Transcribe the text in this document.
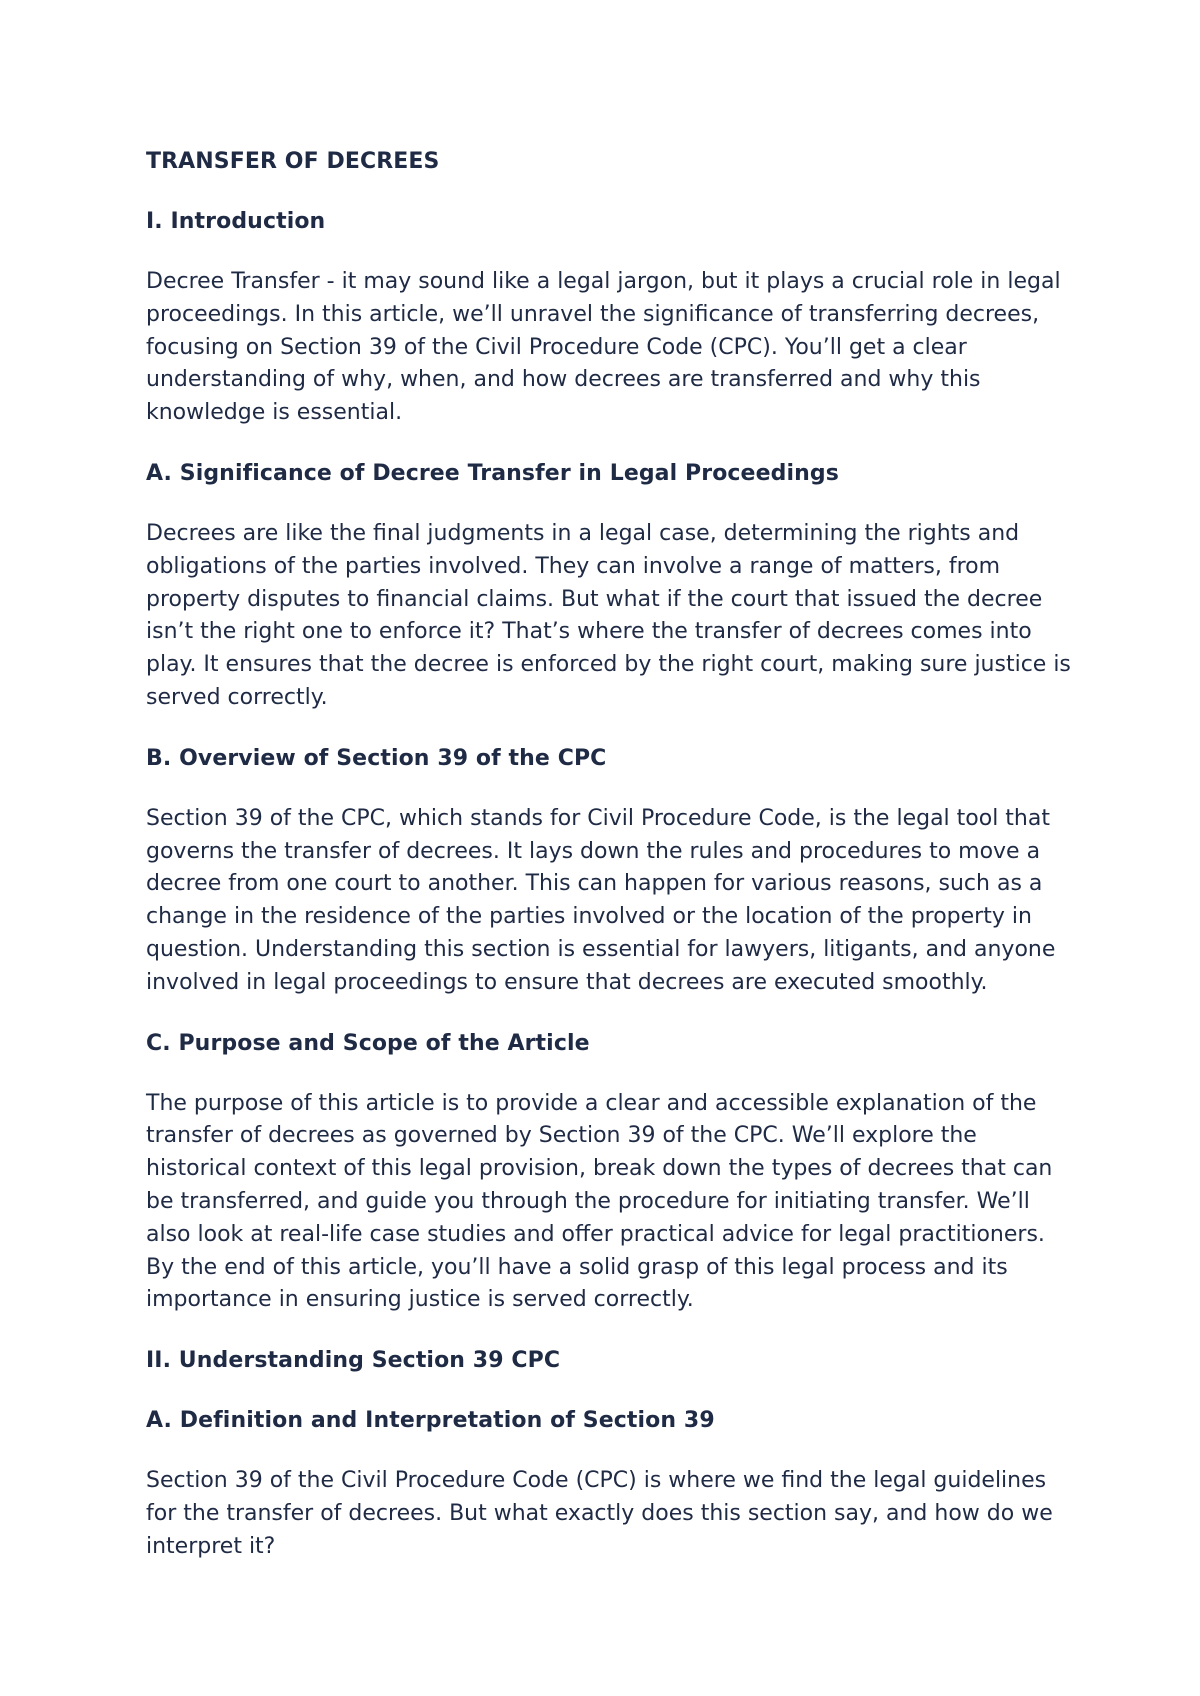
TRANSFER OF DECREES
I. Introduction

Decree Transfer - it may sound like a legal jargon, but it plays a crucial role in legal proceedings. In this article, we’ll unravel the significance of transferring decrees, focusing on Section 39 of the Civil Procedure Code (CPC). You’ll get a clear understanding of why, when, and how decrees are transferred and why this knowledge is essential.

A. Significance of Decree Transfer in Legal Proceedings

Decrees are like the final judgments in a legal case, determining the rights and obligations of the parties involved. They can involve a range of matters, from property disputes to financial claims. But what if the court that issued the decree isn’t the right one to enforce it? That’s where the transfer of decrees comes into play. It ensures that the decree is enforced by the right court, making sure justice is served correctly.

B. Overview of Section 39 of the CPC

Section 39 of the CPC, which stands for Civil Procedure Code, is the legal tool that governs the transfer of decrees. It lays down the rules and procedures to move a decree from one court to another. This can happen for various reasons, such as a change in the residence of the parties involved or the location of the property in question. Understanding this section is essential for lawyers, litigants, and anyone involved in legal proceedings to ensure that decrees are executed smoothly.

C. Purpose and Scope of the Article

The purpose of this article is to provide a clear and accessible explanation of the transfer of decrees as governed by Section 39 of the CPC. We’ll explore the historical context of this legal provision, break down the types of decrees that can be transferred, and guide you through the procedure for initiating transfer. We’ll also look at real-life case studies and offer practical advice for legal practitioners. By the end of this article, you’ll have a solid grasp of this legal process and its importance in ensuring justice is served correctly.

II. Understanding Section 39 CPC
A. Definition and Interpretation of Section 39

Section 39 of the Civil Procedure Code (CPC) is where we find the legal guidelines for the transfer of decrees. But what exactly does this section say, and how do we interpret it?
